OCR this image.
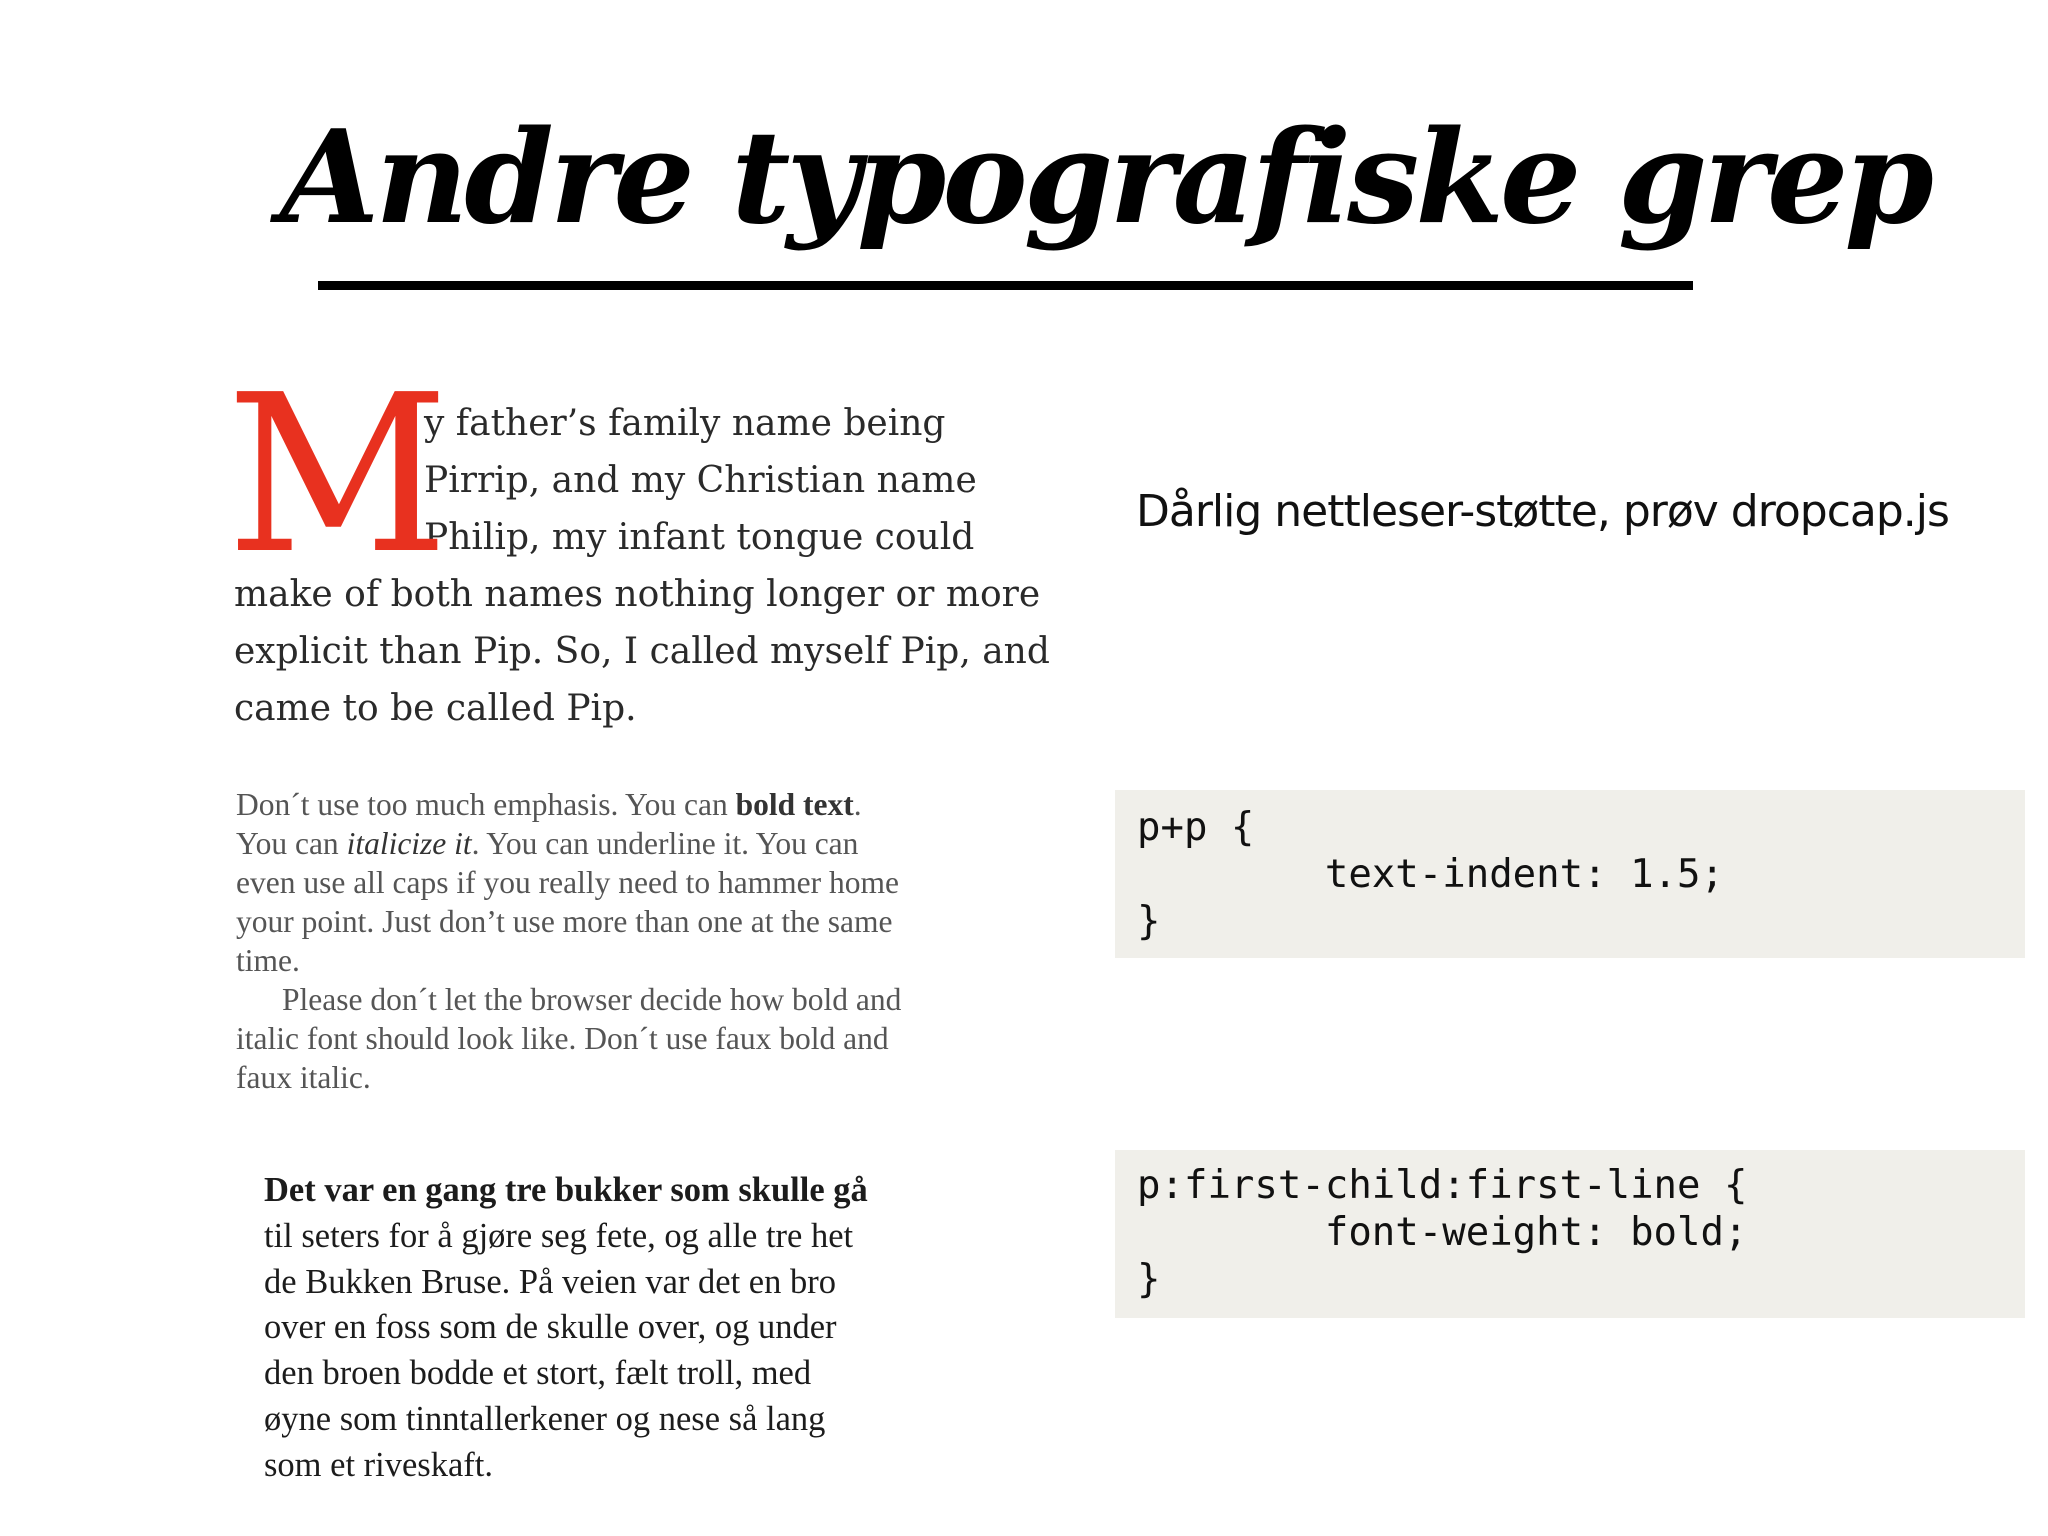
Andre typografiske grep
M
y father’s family name being
Pirrip, and my Christian name
Philip, my infant tongue could
make of both names nothing longer or more
explicit than Pip. So, I called myself Pip, and
came to be called Pip.
Dårlig nettleser-støtte, prøv dropcap.js
Don´t use too much emphasis. You can bold text.
You can italicize it. You can underline it. You can
even use all caps if you really need to hammer home
your point. Just don’t use more than one at the same
time.
Please don´t let the browser decide how bold and
italic font should look like. Don´t use faux bold and
faux italic.
p+p {
text-indent: 1.5;
}
Det var en gang tre bukker som skulle gå
til seters for å gjøre seg fete, og alle tre het
de Bukken Bruse. På veien var det en bro
over en foss som de skulle over, og under
den broen bodde et stort, fælt troll, med
øyne som tinntallerkener og nese så lang
som et riveskaft.
p:first-child:first-line {
font-weight: bold;
}
